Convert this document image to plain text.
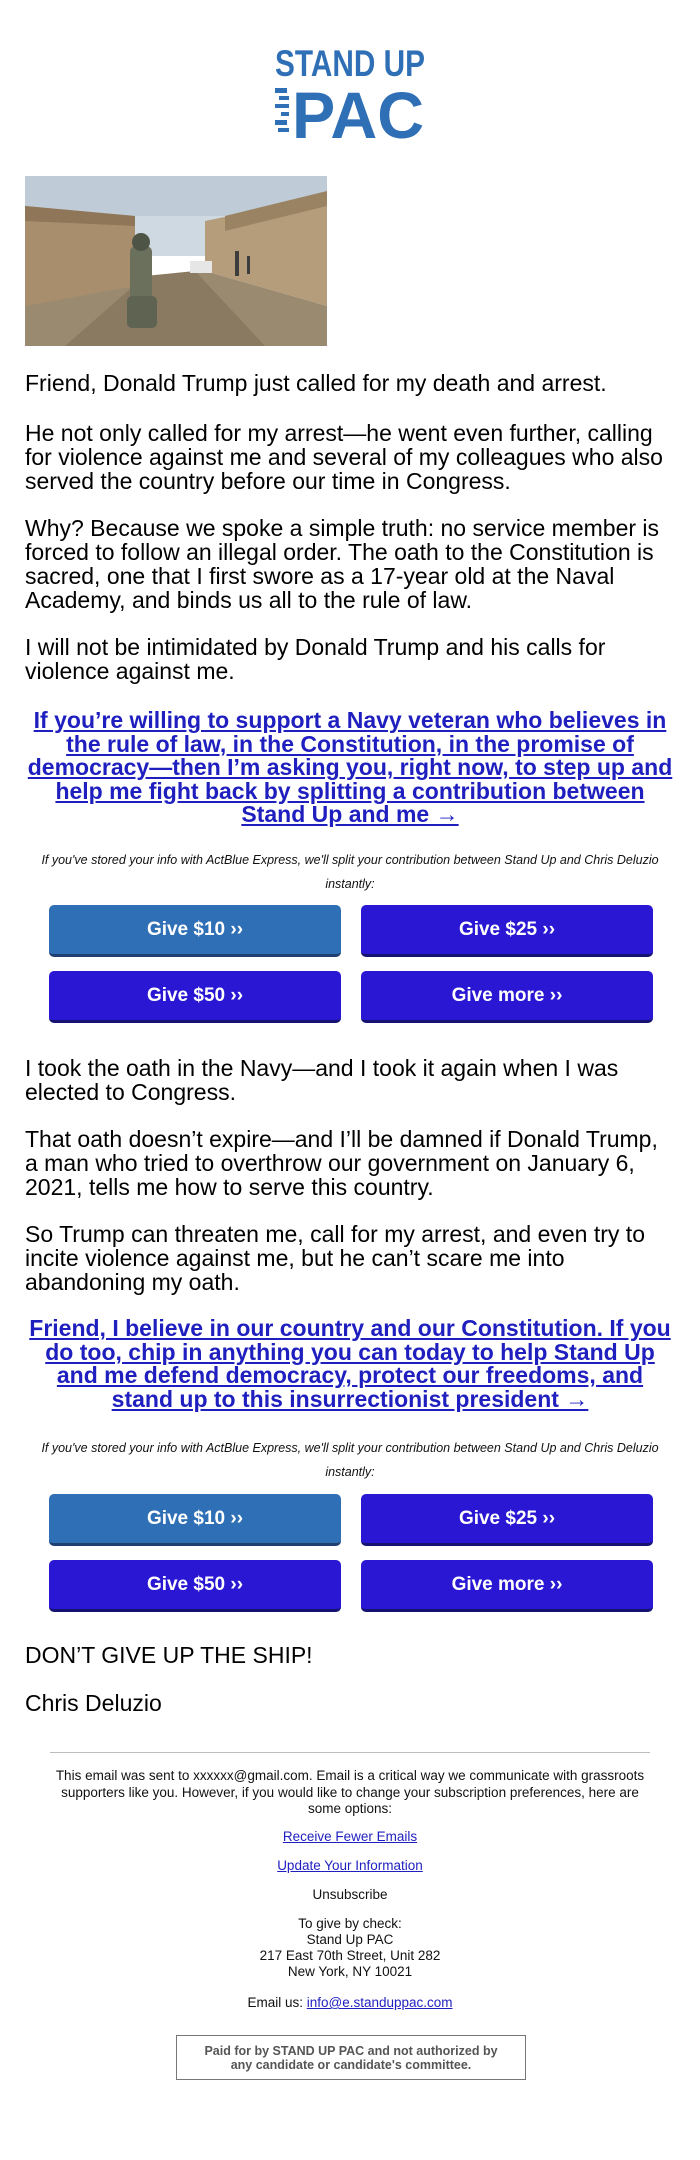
STAND UP
PAC

Friend, Donald Trump just called for my death and arrest.

He not only called for my arrest—he went even further, calling for violence against me and several of my colleagues who also served the country before our time in Congress.

Why? Because we spoke a simple truth: no service member is forced to follow an illegal order. The oath to the Constitution is sacred, one that I first swore as a 17-year old at the Naval Academy, and binds us all to the rule of law.

I will not be intimidated by Donald Trump and his calls for violence against me.

If you’re willing to support a Navy veteran who believes in the rule of law, in the Constitution, in the promise of democracy—then I’m asking you, right now, to step up and help me fight back by splitting a contribution between Stand Up and me →
If you've stored your info with ActBlue Express, we'll split your contribution between Stand Up and Chris Deluzio instantly:
Give $10 ››	Give $25 ››
Give $50 ››	Give more ››

I took the oath in the Navy—and I took it again when I was elected to Congress.

That oath doesn’t expire—and I’ll be damned if Donald Trump, a man who tried to overthrow our government on January 6, 2021, tells me how to serve this country.

So Trump can threaten me, call for my arrest, and even try to incite violence against me, but he can’t scare me into abandoning my oath.

Friend, I believe in our country and our Constitution. If you do too, chip in anything you can today to help Stand Up and me defend democracy, protect our freedoms, and stand up to this insurrectionist president →
If you've stored your info with ActBlue Express, we'll split your contribution between Stand Up and Chris Deluzio instantly:
Give $10 ››	Give $25 ››
Give $50 ››	Give more ››

DON’T GIVE UP THE SHIP!

Chris Deluzio

This email was sent to xxxxxx@gmail.com. Email is a critical way we communicate with grassroots supporters like you. However, if you would like to change your subscription preferences, here are some options:
Receive Fewer Emails
Update Your Information
Unsubscribe
To give by check:
Stand Up PAC
217 East 70th Street, Unit 282
New York, NY 10021
Email us: info@e.standuppac.com
Paid for by STAND UP PAC and not authorized by any candidate or candidate's committee.
